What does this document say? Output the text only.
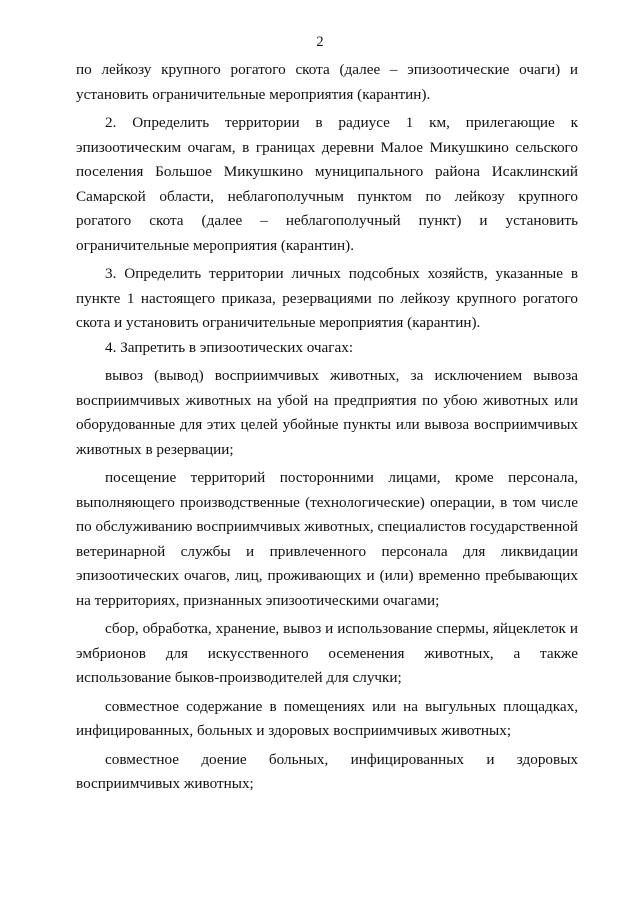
2

по лейкозу крупного рогатого скота (далее – эпизоотические очаги) и установить ограничительные мероприятия (карантин).

2. Определить территории в радиусе 1 км, прилегающие к эпизоотическим очагам, в границах деревни Малое Микушкино сельского поселения Большое Микушкино муниципального района Исаклинский Самарской области, неблагополучным пунктом по лейкозу крупного рогатого скота (далее – неблагополучный пункт) и установить ограничительные мероприятия (карантин).

3. Определить территории личных подсобных хозяйств, указанные в пункте 1 настоящего приказа, резервациями по лейкозу крупного рогатого скота и установить ограничительные мероприятия (карантин).

4. Запретить в эпизоотических очагах:

вывоз (вывод) восприимчивых животных, за исключением вывоза восприимчивых животных на убой на предприятия по убою животных или оборудованные для этих целей убойные пункты или вывоза восприимчивых животных в резервации;

посещение территорий посторонними лицами, кроме персонала, выполняющего производственные (технологические) операции, в том числе по обслуживанию восприимчивых животных, специалистов государственной ветеринарной службы и привлеченного персонала для ликвидации эпизоотических очагов, лиц, проживающих и (или) временно пребывающих на территориях, признанных эпизоотическими очагами;

сбор, обработка, хранение, вывоз и использование спермы, яйцеклеток и эмбрионов для искусственного осеменения животных, а также использование быков-производителей для случки;

совместное содержание в помещениях или на выгульных площадках, инфицированных, больных и здоровых восприимчивых животных;

совместное доение больных, инфицированных и здоровых восприимчивых животных;
